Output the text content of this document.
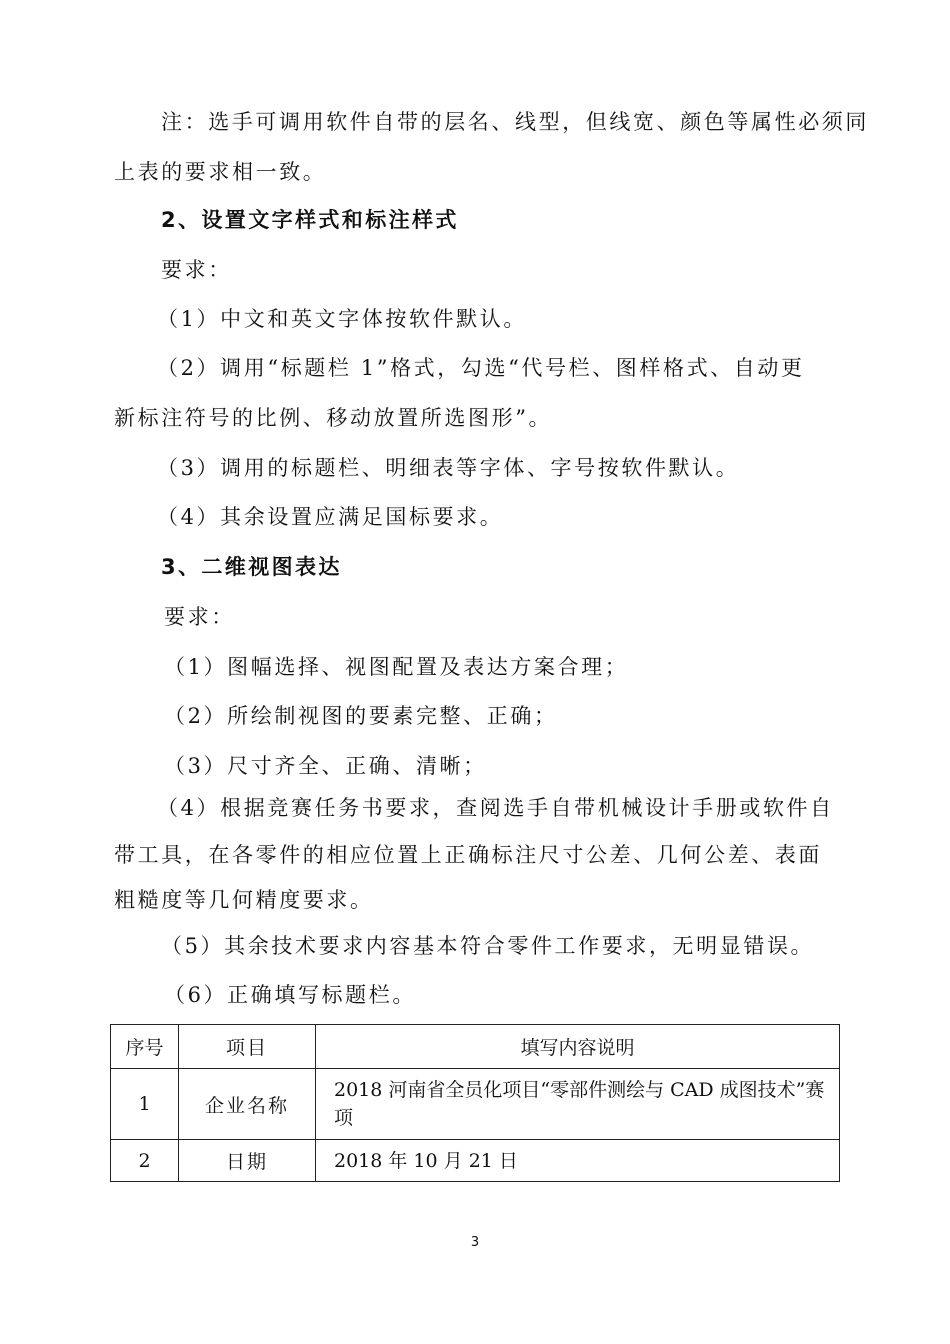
注：选手可调用软件自带的层名、线型，但线宽、颜色等属性必须同

上表的要求相一致。

2、设置文字样式和标注样式

要求：

（1）中文和英文字体按软件默认。

（2）调用“标题栏 1”格式，勾选“代号栏、图样格式、自动更

新标注符号的比例、移动放置所选图形”。

（3）调用的标题栏、明细表等字体、字号按软件默认。

（4）其余设置应满足国标要求。

3、二维视图表达

要求：

（1）图幅选择、视图配置及表达方案合理；

（2）所绘制视图的要素完整、正确；

（3）尺寸齐全、正确、清晰；

（4）根据竞赛任务书要求，查阅选手自带机械设计手册或软件自

带工具，在各零件的相应位置上正确标注尺寸公差、几何公差、表面

粗糙度等几何精度要求。

（5）其余技术要求内容基本符合零件工作要求，无明显错误。

（6）正确填写标题栏。

序号	项目	填写内容说明
1	企业名称	2018 河南省全员化项目“零部件测绘与 CAD 成图技术”赛项

2	日期	2018 年 10 月 21 日
3
